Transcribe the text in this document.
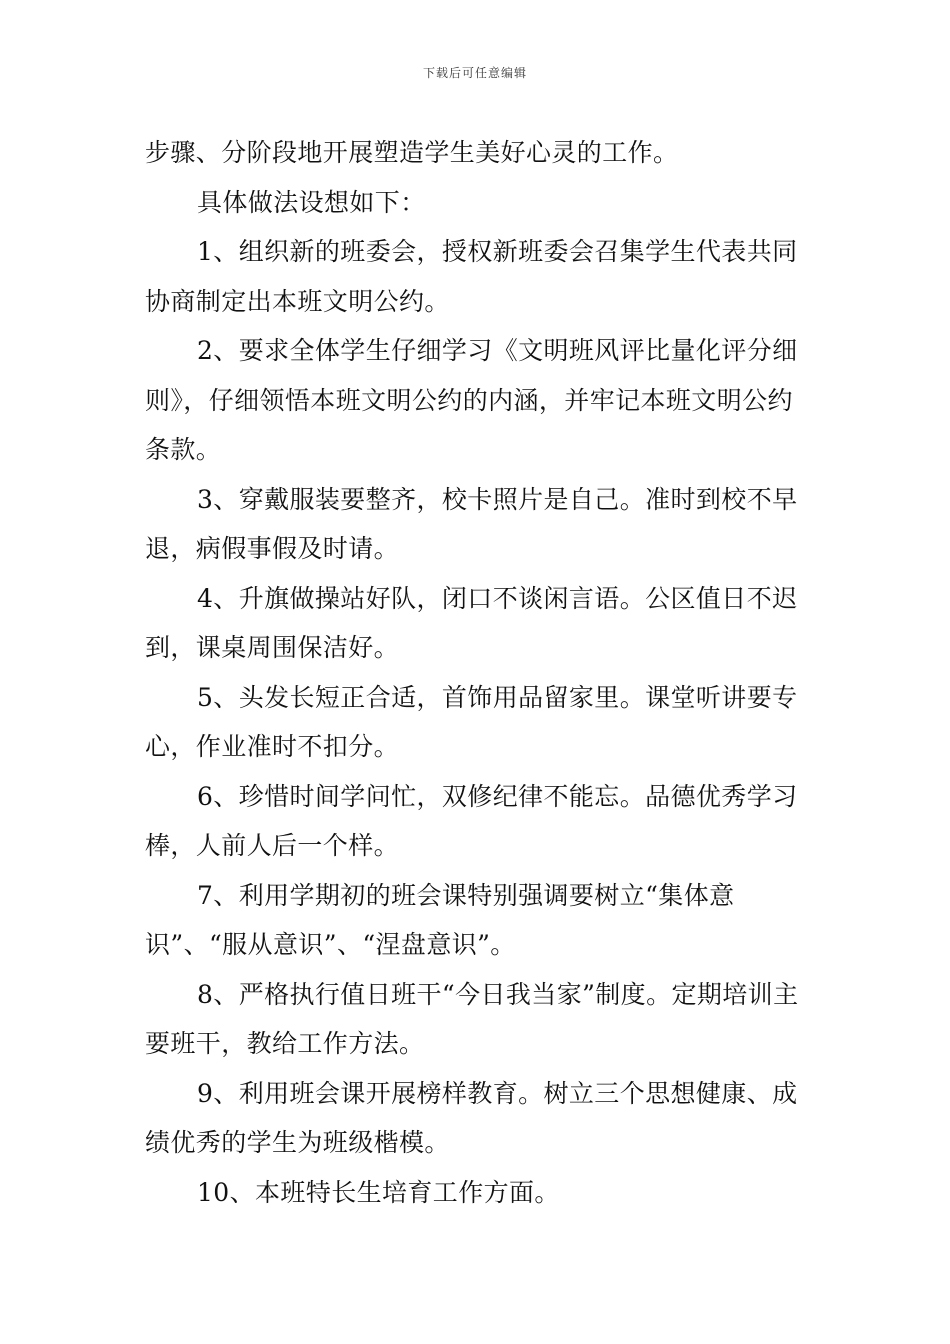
下载后可任意编辑

步骤、分阶段地开展塑造学生美好心灵的工作。

具体做法设想如下：

1、组织新的班委会，授权新班委会召集学生代表共同协商制定出本班文明公约。

2、要求全体学生仔细学习《文明班风评比量化评分细则》，仔细领悟本班文明公约的内涵，并牢记本班文明公约条款。

3、穿戴服装要整齐，校卡照片是自己。准时到校不早退，病假事假及时请。

4、升旗做操站好队，闭口不谈闲言语。公区值日不迟到，课桌周围保洁好。

5、头发长短正合适，首饰用品留家里。课堂听讲要专心，作业准时不扣分。

6、珍惜时间学问忙，双修纪律不能忘。品德优秀学习棒，人前人后一个样。

7、利用学期初的班会课特别强调要树立“集体意识”、“服从意识”、“涅盘意识”。

8、严格执行值日班干“今日我当家”制度。定期培训主要班干，教给工作方法。

9、利用班会课开展榜样教育。树立三个思想健康、成绩优秀的学生为班级楷模。

10、本班特长生培育工作方面。
